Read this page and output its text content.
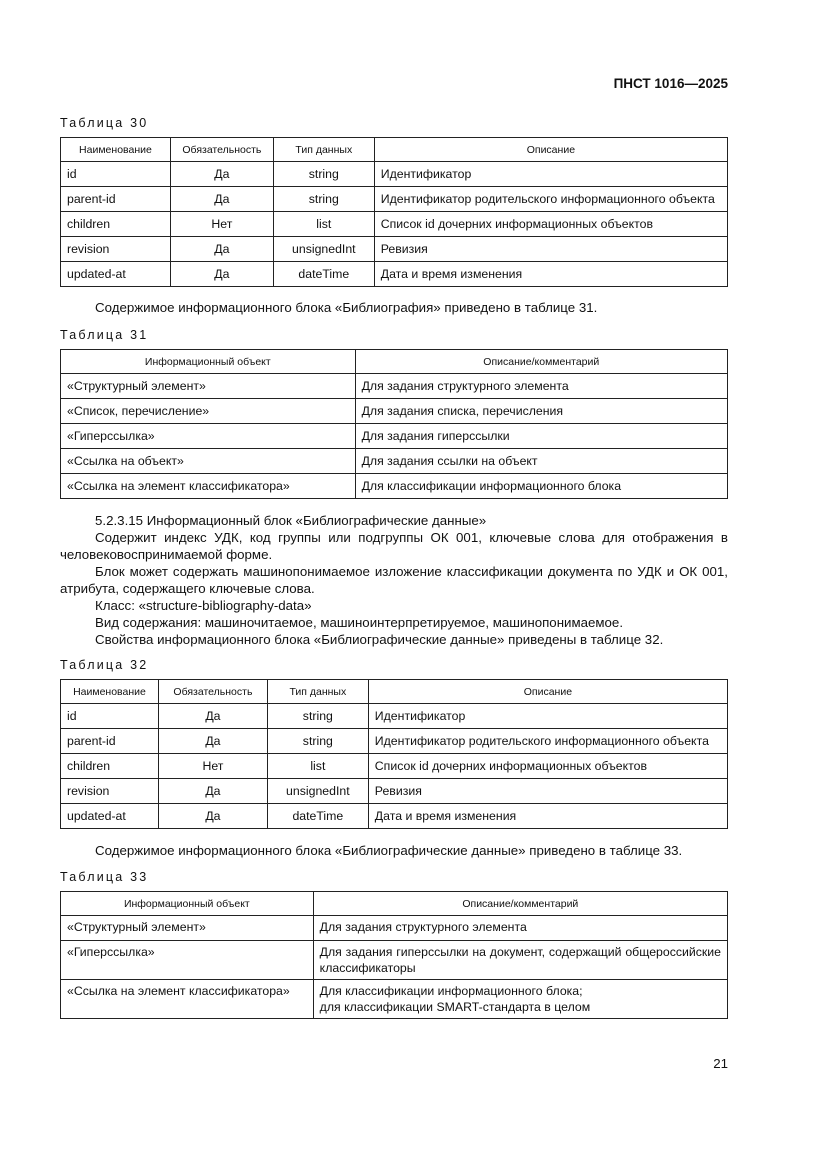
ПНСТ 1016—2025
Таблица 30
Наименование	Обязательность	Тип данных	Описание
id	Да	string	Идентификатор
parent-id	Да	string	Идентификатор родительского информационного объекта
children	Нет	list	Список id дочерних информационных объектов
revision	Да	unsignedInt	Ревизия
updated-at	Да	dateTime	Дата и время изменения
Содержимое информационного блока «Библиография» приведено в таблице 31.
Таблица 31
Информационный объект	Описание/комментарий
«Структурный элемент»	Для задания структурного элемента
«Список, перечисление»	Для задания списка, перечисления
«Гиперссылка»	Для задания гиперссылки
«Ссылка на объект»	Для задания ссылки на объект
«Ссылка на элемент классификатора»	Для классификации информационного блока

5.2.3.15 Информационный блок «Библиографические данные»

Содержит индекс УДК, код группы или подгруппы ОК 001, ключевые слова для отображения в человековоспринимаемой форме.

Блок может содержать машинопонимаемое изложение классификации документа по УДК и ОК 001, атрибута, содержащего ключевые слова.

Класс: «structure-bibliography-data»

Вид содержания: машиночитаемое, машиноинтерпретируемое, машинопонимаемое.

Свойства информационного блока «Библиографические данные» приведены в таблице 32.

Таблица 32
Наименование	Обязательность	Тип данных	Описание
id	Да	string	Идентификатор
parent-id	Да	string	Идентификатор родительского информационного объекта
children	Нет	list	Список id дочерних информационных объектов
revision	Да	unsignedInt	Ревизия
updated-at	Да	dateTime	Дата и время изменения
Содержимое информационного блока «Библиографические данные» приведено в таблице 33.
Таблица 33
Информационный объект	Описание/комментарий
«Структурный элемент»	Для задания структурного элемента
«Гиперссылка»	Для задания гиперссылки на документ, содержащий общероссийские классификаторы
«Ссылка на элемент классификатора»	Для классификации информационного блока;
для классификации SMART-стандарта в целом
21
